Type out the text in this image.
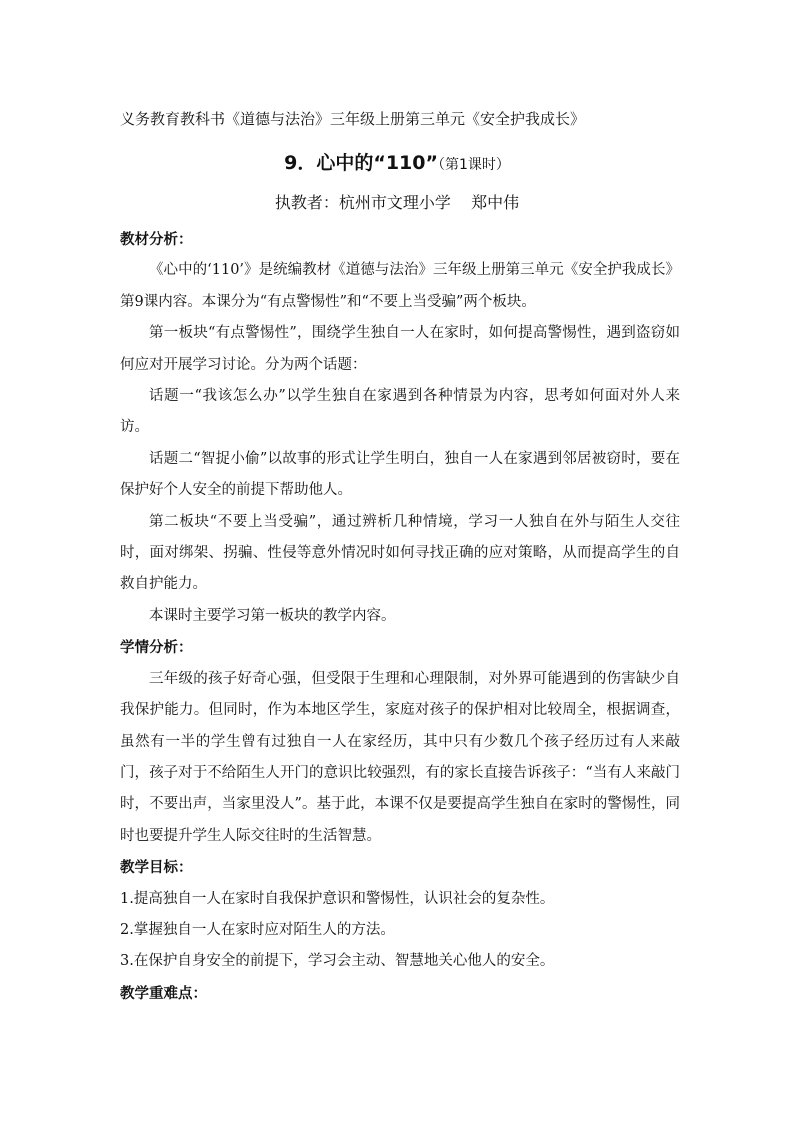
义务教育教科书《道德与法治》三年级上册第三单元《安全护我成长》
9．心中的“110”（第1课时）
执教者：杭州市文理小学    郑中伟
教材分析：

《心中的‘110’》是统编教材《道德与法治》三年级上册第三单元《安全护我成长》第9课内容。本课分为“有点警惕性”和“不要上当受骗”两个板块。

第一板块“有点警惕性”，围绕学生独自一人在家时，如何提高警惕性，遇到盗窃如何应对开展学习讨论。分为两个话题：

话题一“我该怎么办”以学生独自在家遇到各种情景为内容，思考如何面对外人来访。

话题二“智捉小偷”以故事的形式让学生明白，独自一人在家遇到邻居被窃时，要在保护好个人安全的前提下帮助他人。

第二板块“不要上当受骗”，通过辨析几种情境，学习一人独自在外与陌生人交往时，面对绑架、拐骗、性侵等意外情况时如何寻找正确的应对策略，从而提高学生的自救自护能力。

本课时主要学习第一板块的教学内容。

学情分析：

三年级的孩子好奇心强，但受限于生理和心理限制，对外界可能遇到的伤害缺少自我保护能力。但同时，作为本地区学生，家庭对孩子的保护相对比较周全，根据调查，虽然有一半的学生曾有过独自一人在家经历，其中只有少数几个孩子经历过有人来敲门，孩子对于不给陌生人开门的意识比较强烈，有的家长直接告诉孩子：“当有人来敲门时，不要出声，当家里没人”。基于此，本课不仅是要提高学生独自在家时的警惕性，同时也要提升学生人际交往时的生活智慧。

教学目标：

1.提高独自一人在家时自我保护意识和警惕性，认识社会的复杂性。

2.掌握独自一人在家时应对陌生人的方法。

3.在保护自身安全的前提下，学习会主动、智慧地关心他人的安全。

教学重难点：
